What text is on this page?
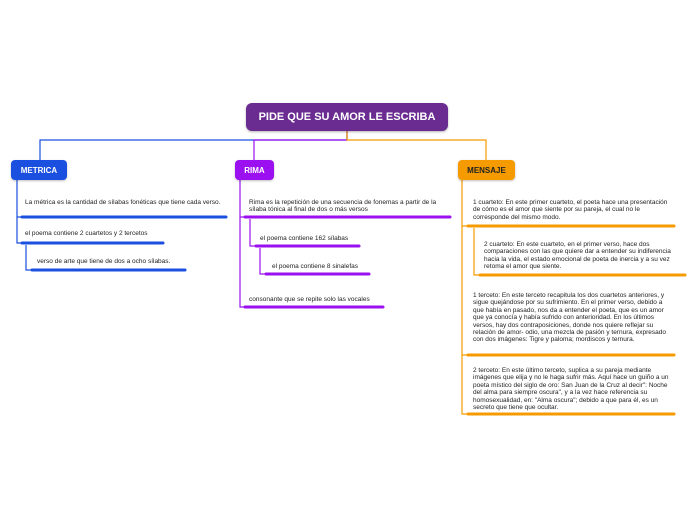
PIDE QUE SU AMOR LE ESCRIBA
METRICA	RIMA	MENSAJE
La métrica es la cantidad de sílabas fonéticas que tiene cada verso.
el poema contiene 2 cuartetos y 2 tercetos
verso de arte que tiene de dos a ocho sílabas.
Rima es la repetición de una secuencia de fonemas a partir de la sílaba tónica al final de dos o más versos
el poema contiene 162 sílabas
el poema contiene 8 sinalefas
consonante que se repite solo las vocales
1 cuarteto: En este primer cuarteto, el poeta hace una presentación de cómo es el amor que siente por su pareja, el cual no le corresponde del mismo modo.
2 cuarteto: En este cuarteto, en el primer verso, hace dos comparaciones con las que quiere dar a entender su indiferencia hacia la vida, el estado emocional de poeta de inercia y a su vez retoma el amor que siente.
1 terceto: En este terceto recapitula los dos cuartetos anteriores, y sigue quejándose por su sufrimiento. En el primer verso, debido a que había en pasado, nos da a entender el poeta, que es un amor que ya conocía y había sufrido con anterioridad. En los últimos versos, hay dos contraposiciones, donde nos quiere reflejar su relación de amor- odio, una mezcla de pasión y ternura, expresado con dos imágenes: Tigre y paloma; mordiscos y ternura.
2 terceto: En este último terceto, suplica a su pareja mediante imágenes que elija y no le haga sufrir más. Aquí hace un guiño a un poeta místico del siglo de oro: San Juan de la Cruz al decir": Noche del alma para siempre oscura", y a la vez hace referencia su homosexualidad, en: "Alma oscura"; debido a que para él, es un secreto que tiene que ocultar.
